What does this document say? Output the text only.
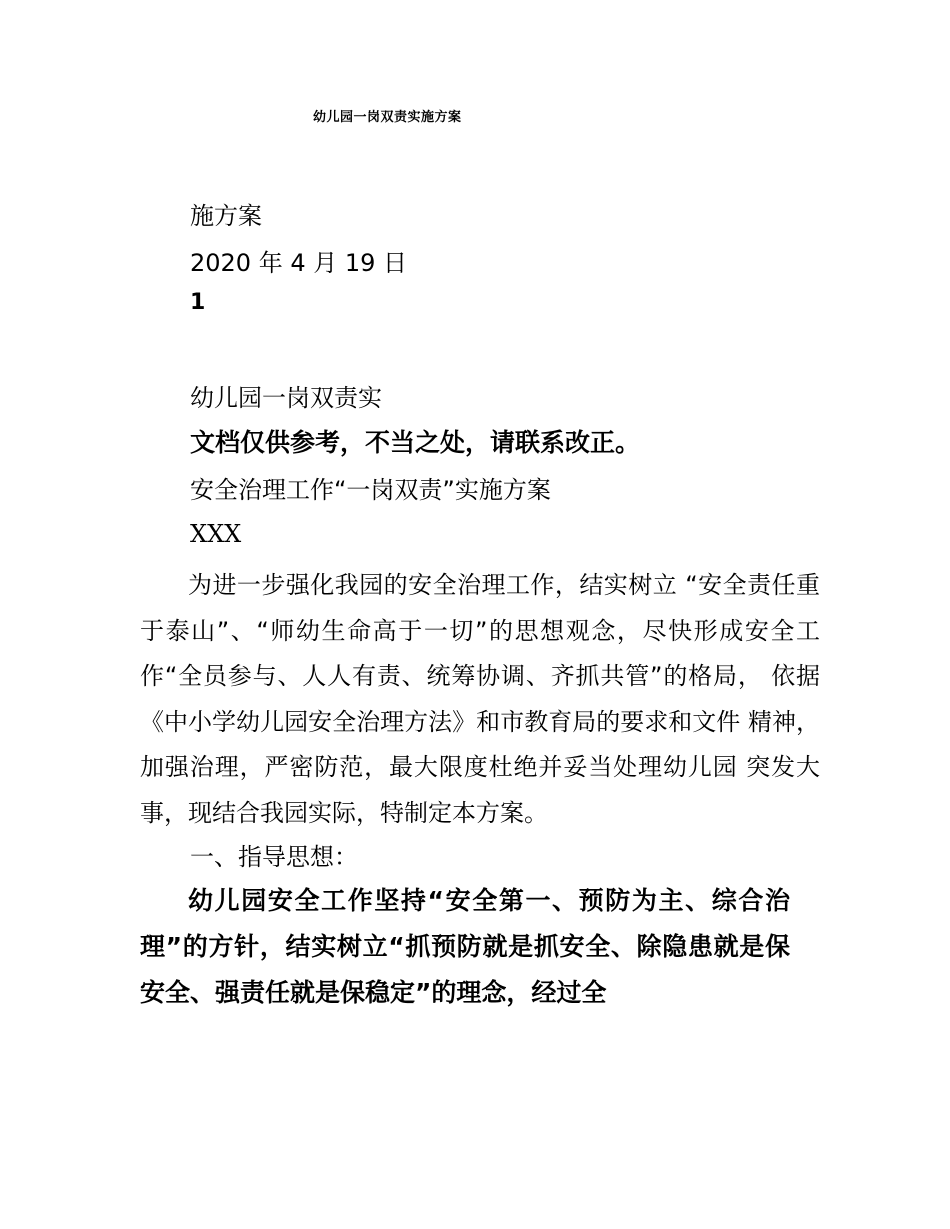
幼儿园一岗双责实施方案
施方案
2020 年 4 月 19 日
1
幼儿园一岗双责实
文档仅供参考，不当之处，请联系改正。
安全治理工作“一岗双责”实施方案
XXX

为进一步强化我园的安全治理工作，结实树立 “安全责任重于泰山”、“师幼生命高于一切”的思想观念，尽快形成安全工作“全员参与、人人有责、统筹协调、齐抓共管”的格局， 依据《中小学幼儿园安全治理方法》和市教育局的要求和文件 精神，加强治理，严密防范，最大限度杜绝并妥当处理幼儿园 突发大事，现结合我园实际，特制定本方案。

一、指导思想：

幼儿园安全工作坚持“安全第一、预防为主、综合治理”的方针，结实树立“抓预防就是抓安全、除隐患就是保安全、强责任就是保稳定”的理念，经过全
